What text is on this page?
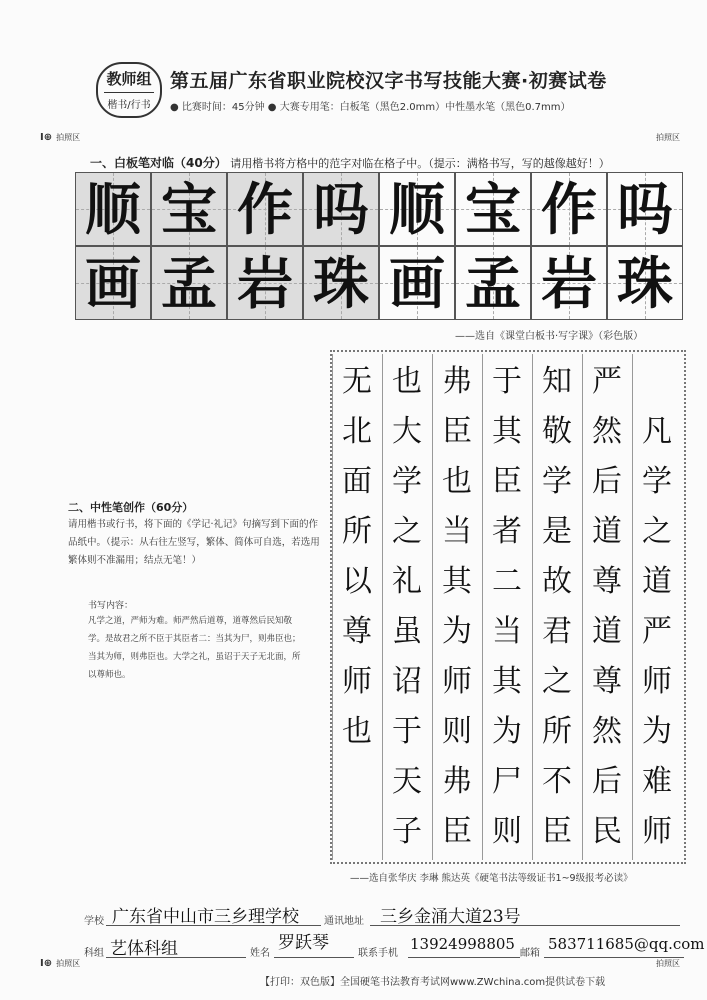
教师组
楷书/行书
第五届广东省职业院校汉字书写技能大赛·初赛试卷
● 比赛时间：45分钟 ● 大赛专用笔：白板笔（黑色2.0mm）中性墨水笔（黑色0.7mm）
I⊕ 拍照区	拍照区
一、白板笔对临（40分） 请用楷书将方格中的范字对临在格子中。（提示：满格书写，写的越像越好！）
顺 宝 作 吗 顺 宝 作 吗
画 孟 岩 珠 画 孟 岩 珠
——选自《课堂白板书·写字课》（彩色版）
二、中性笔创作（60分）
请用楷书或行书，将下面的《学记·礼记》句摘写到下面的作品纸中。（提示：从右往左竖写，繁体、简体可自选，若选用繁体则不准漏用；结点无笔！）
书写内容：
凡学之道，严师为难。师严然后道尊，道尊然后民知敬学。是故君之所不臣于其臣者二：当其为尸，则弗臣也；当其为师，则弗臣也。大学之礼，虽诏于天子无北面，所以尊师也。
凡
学
之
道
严
师
为
难
师
严
然
后
道
尊
道
尊
然
后
民
知
敬
学
是
故
君
之
所
不
臣
于
其
臣
者
二
当
其
为
尸
则
弗
臣
也
当
其
为
师
则
弗
臣
也
大
学
之
礼
虽
诏
于
天
子
无
北
面
所
以
尊
师
也
——选自张华庆 李琳 熊达英《硬笔书法等级证书1~9级报考必读》
学校 广东省中山市三乡理学校	通讯地址 三乡金涌大道23号
科组 艺体科组	姓名
罗跃琴
联系手机
13924998805
邮箱
583711685@qq.com
I⊕ 拍照区	拍照区
【打印：双色版】全国硬笔书法教育考试网www.ZWchina.com提供试卷下载
